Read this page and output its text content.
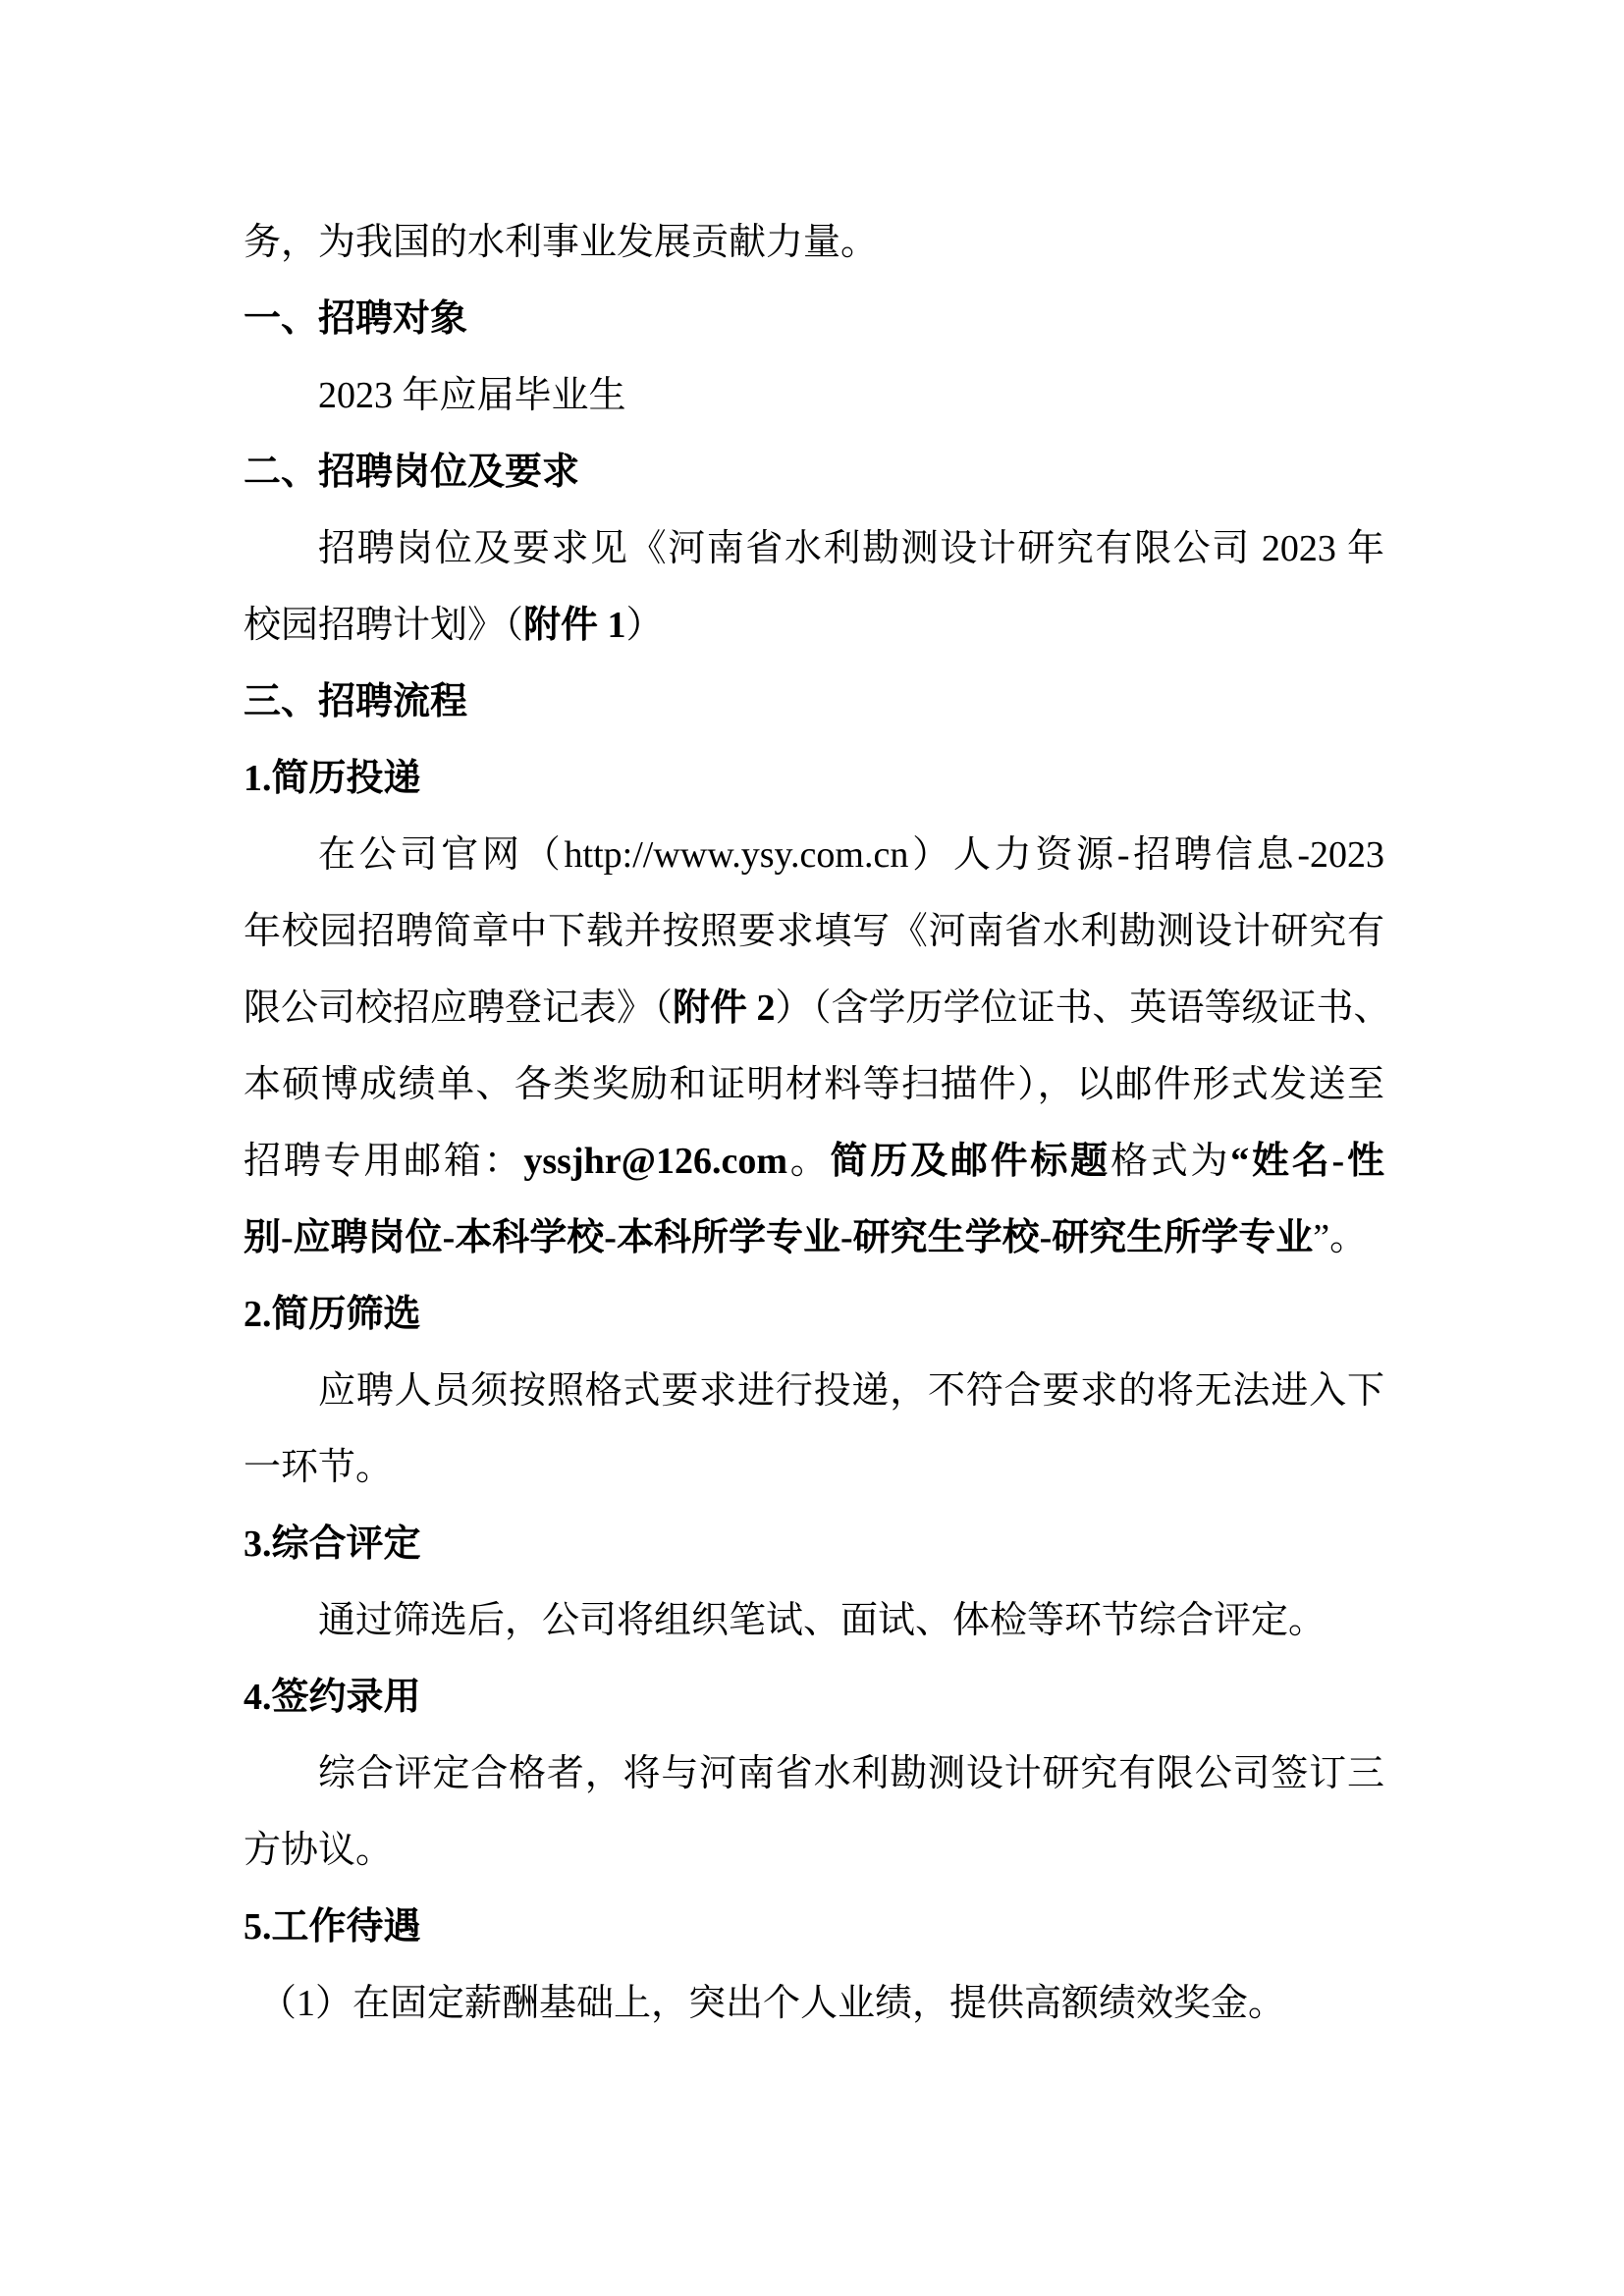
务，为我国的水利事业发展贡献力量。
一、招聘对象
2023 年应届毕业生
二、招聘岗位及要求
招聘岗位及要求见《河南省水利勘测设计研究有限公司 2023 年
校园招聘计划》（附件 1）
三、招聘流程
1.简历投递
在公司官网（http://www.ysy.com.cn）人力资源-招聘信息-2023
年校园招聘简章中下载并按照要求填写《河南省水利勘测设计研究有
限公司校招应聘登记表》（附件 2）（含学历学位证书、英语等级证书、
本硕博成绩单、各类奖励和证明材料等扫描件），以邮件形式发送至
招聘专用邮箱：yssjhr@126.com。简历及邮件标题格式为“姓名-性
别-应聘岗位-本科学校-本科所学专业-研究生学校-研究生所学专业”。
2.简历筛选
应聘人员须按照格式要求进行投递，不符合要求的将无法进入下
一环节。
3.综合评定
通过筛选后，公司将组织笔试、面试、体检等环节综合评定。
4.签约录用
综合评定合格者，将与河南省水利勘测设计研究有限公司签订三
方协议。
5.工作待遇
（1）在固定薪酬基础上，突出个人业绩，提供高额绩效奖金。
